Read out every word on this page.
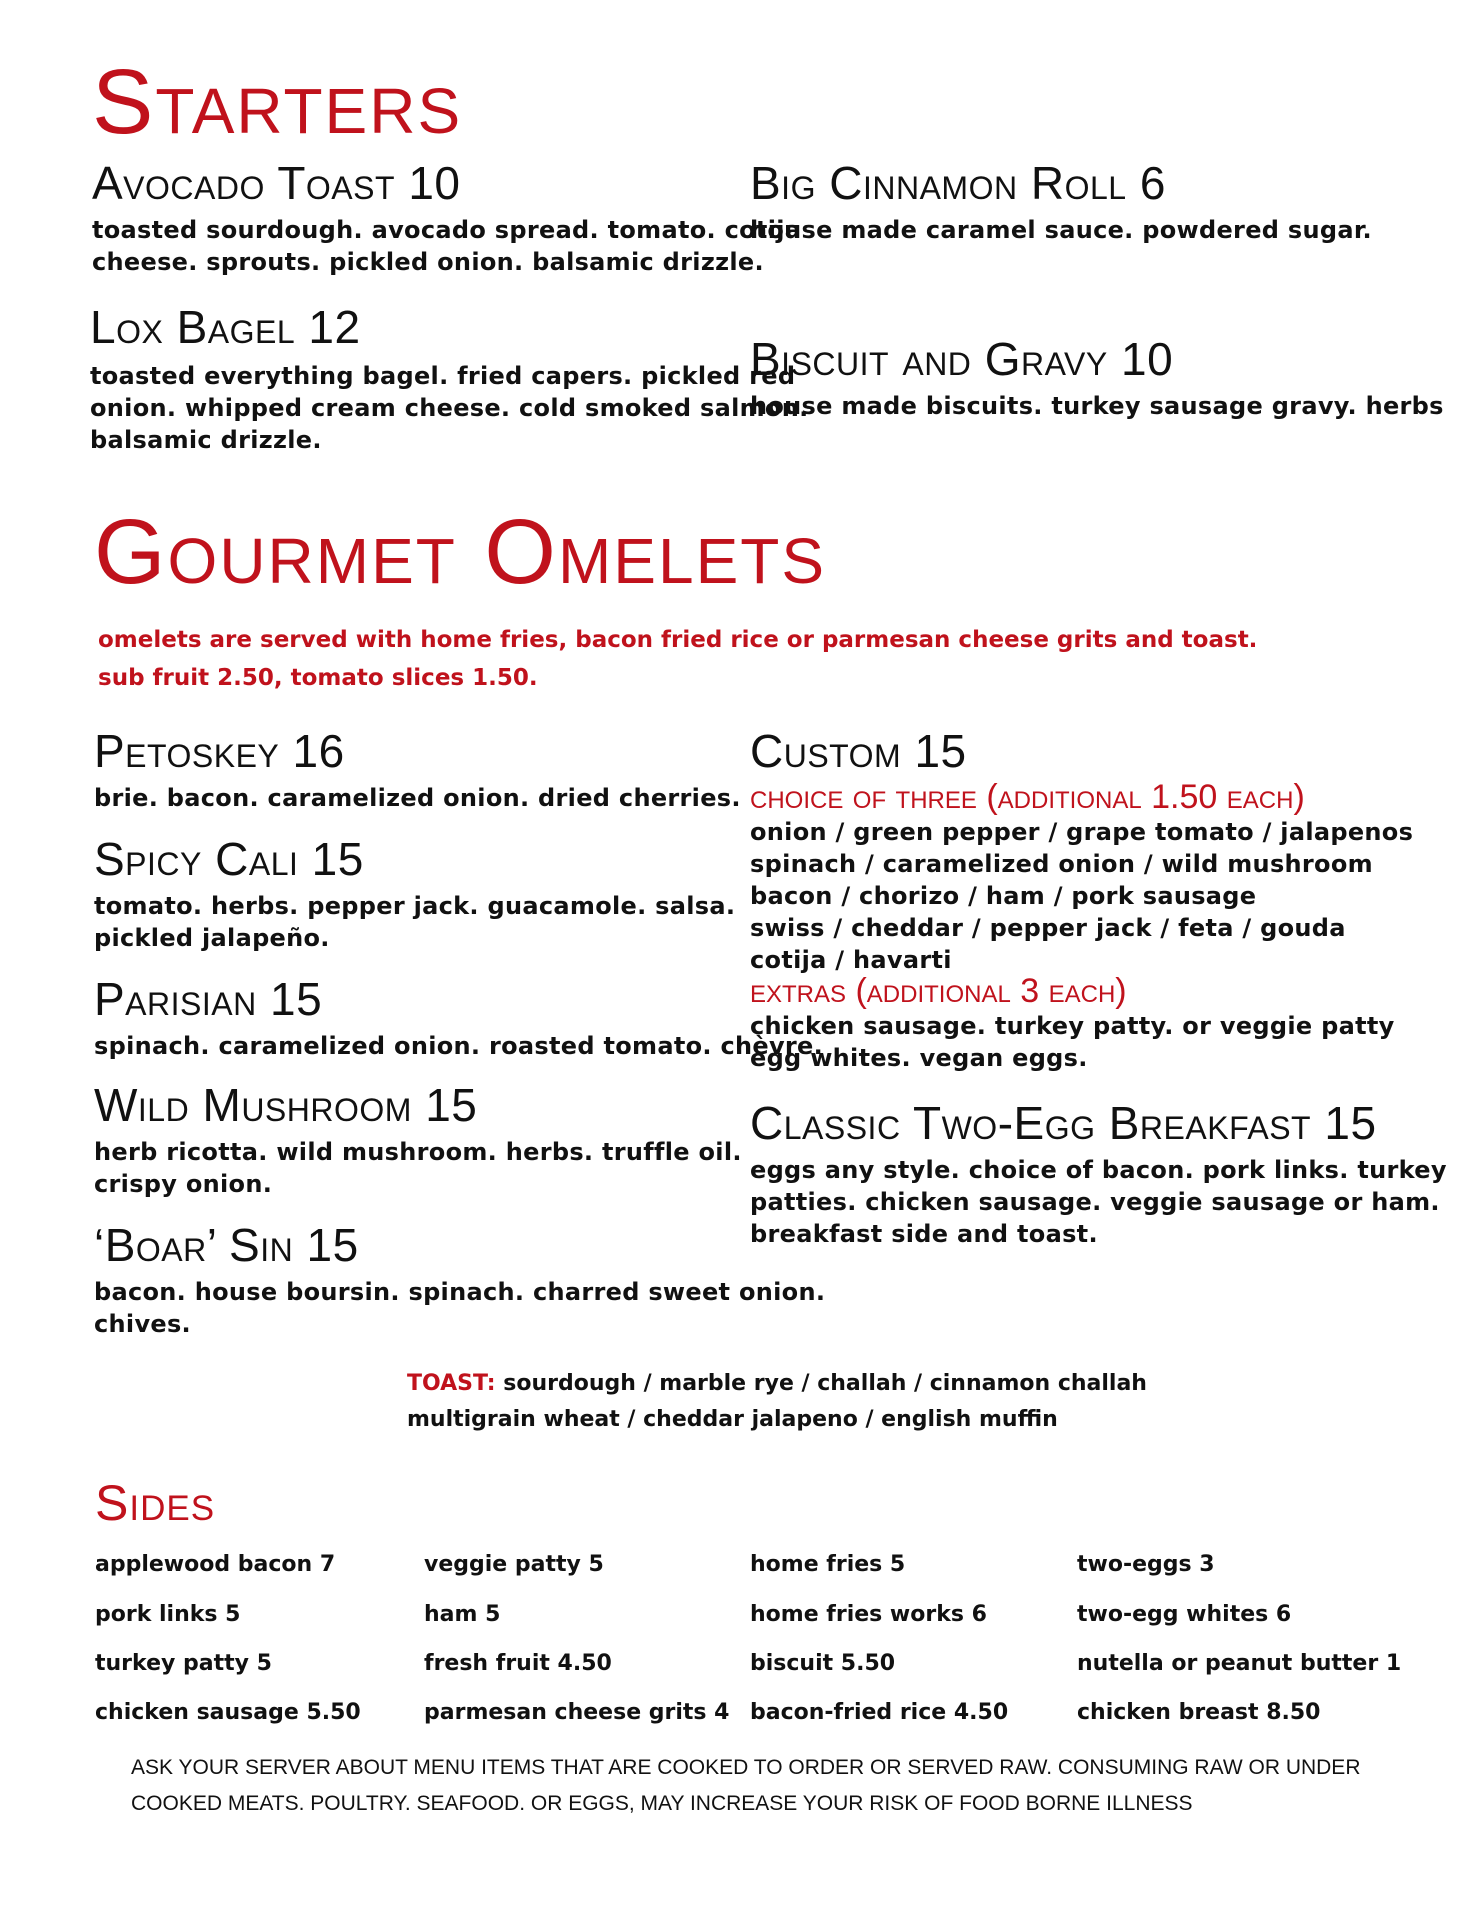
Starters
Avocado Toast 10
toasted sourdough. avocado spread. tomato. cotija
cheese. sprouts. pickled onion. balsamic drizzle.
Big Cinnamon Roll 6
house made caramel sauce. powdered sugar.
Lox Bagel 12
toasted everything bagel. fried capers. pickled red
onion. whipped cream cheese. cold smoked salmon.
balsamic drizzle.
Biscuit and Gravy 10
house made biscuits. turkey sausage gravy. herbs
Gourmet Omelets
omelets are served with home fries, bacon fried rice or parmesan cheese grits and toast.
sub fruit 2.50, tomato slices 1.50.
Petoskey 16
brie. bacon. caramelized onion. dried cherries.
Spicy Cali 15
tomato. herbs. pepper jack. guacamole. salsa.
pickled jalapeño.
Parisian 15
spinach. caramelized onion. roasted tomato. chèvre.
Wild Mushroom 15
herb ricotta. wild mushroom. herbs. truffle oil.
crispy onion.
‘Boar’ Sin 15
bacon. house boursin. spinach. charred sweet onion.
chives.
Custom 15
choice of three (additional 1.50 each)
onion / green pepper / grape tomato / jalapenos
spinach / caramelized onion / wild mushroom
bacon / chorizo / ham / pork sausage
swiss / cheddar / pepper jack / feta / gouda
cotija / havarti
extras (additional 3 each)
chicken sausage. turkey patty. or veggie patty
egg whites. vegan eggs.
Classic Two-Egg Breakfast 15
eggs any style. choice of bacon. pork links. turkey
patties. chicken sausage. veggie sausage or ham.
breakfast side and toast.
TOAST: sourdough / marble rye / challah / cinnamon challah
multigrain wheat / cheddar jalapeno / english muffin
Sides
applewood bacon 7
pork links 5
turkey patty 5
chicken sausage 5.50
veggie patty 5
ham 5
fresh fruit 4.50
parmesan cheese grits 4
home fries 5
home fries works 6
biscuit 5.50
bacon-fried rice 4.50
two-eggs 3
two-egg whites 6
nutella or peanut butter 1
chicken breast 8.50
ASK YOUR SERVER ABOUT MENU ITEMS THAT ARE COOKED TO ORDER OR SERVED RAW. CONSUMING RAW OR UNDER
COOKED MEATS. POULTRY. SEAFOOD. OR EGGS, MAY INCREASE YOUR RISK OF FOOD BORNE ILLNESS
